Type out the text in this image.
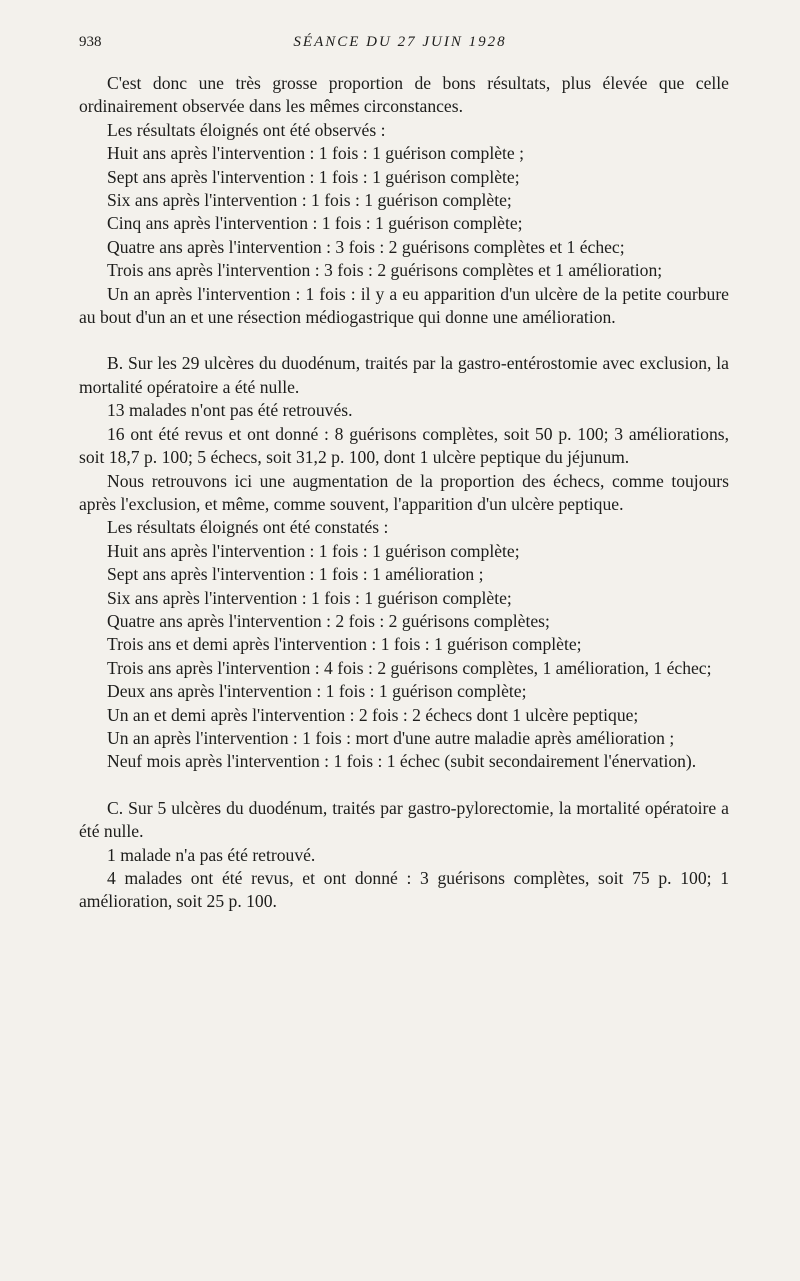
938	SÉANCE DU 27 JUIN 1928

C'est donc une très grosse proportion de bons résultats, plus élevée que celle ordinairement observée dans les mêmes circonstances.

Les résultats éloignés ont été observés :

Huit ans après l'intervention : 1 fois : 1 guérison complète ;

Sept ans après l'intervention : 1 fois : 1 guérison complète;

Six ans après l'intervention : 1 fois : 1 guérison complète;

Cinq ans après l'intervention : 1 fois : 1 guérison complète;

Quatre ans après l'intervention : 3 fois : 2 guérisons complètes et 1 échec;

Trois ans après l'intervention : 3 fois : 2 guérisons complètes et 1 amélioration;

Un an après l'intervention : 1 fois : il y a eu apparition d'un ulcère de la petite courbure au bout d'un an et une résection médiogastrique qui donne une amélioration.

B. Sur les 29 ulcères du duodénum, traités par la gastro-entérostomie avec exclusion, la mortalité opératoire a été nulle.

13 malades n'ont pas été retrouvés.

16 ont été revus et ont donné : 8 guérisons complètes, soit 50 p. 100; 3 améliorations, soit 18,7 p. 100; 5 échecs, soit 31,2 p. 100, dont 1 ulcère peptique du jéjunum.

Nous retrouvons ici une augmentation de la proportion des échecs, comme toujours après l'exclusion, et même, comme souvent, l'apparition d'un ulcère peptique.

Les résultats éloignés ont été constatés :

Huit ans après l'intervention : 1 fois : 1 guérison complète;

Sept ans après l'intervention : 1 fois : 1 amélioration ;

Six ans après l'intervention : 1 fois : 1 guérison complète;

Quatre ans après l'intervention : 2 fois : 2 guérisons complètes;

Trois ans et demi après l'intervention : 1 fois : 1 guérison complète;

Trois ans après l'intervention : 4 fois : 2 guérisons complètes, 1 amélioration, 1 échec;

Deux ans après l'intervention : 1 fois : 1 guérison complète;

Un an et demi après l'intervention : 2 fois : 2 échecs dont 1 ulcère peptique;

Un an après l'intervention : 1 fois : mort d'une autre maladie après amélioration ;

Neuf mois après l'intervention : 1 fois : 1 échec (subit secondairement l'énervation).

C. Sur 5 ulcères du duodénum, traités par gastro-pylorectomie, la mortalité opératoire a été nulle.

1 malade n'a pas été retrouvé.

4 malades ont été revus, et ont donné : 3 guérisons complètes, soit 75 p. 100; 1 amélioration, soit 25 p. 100.
